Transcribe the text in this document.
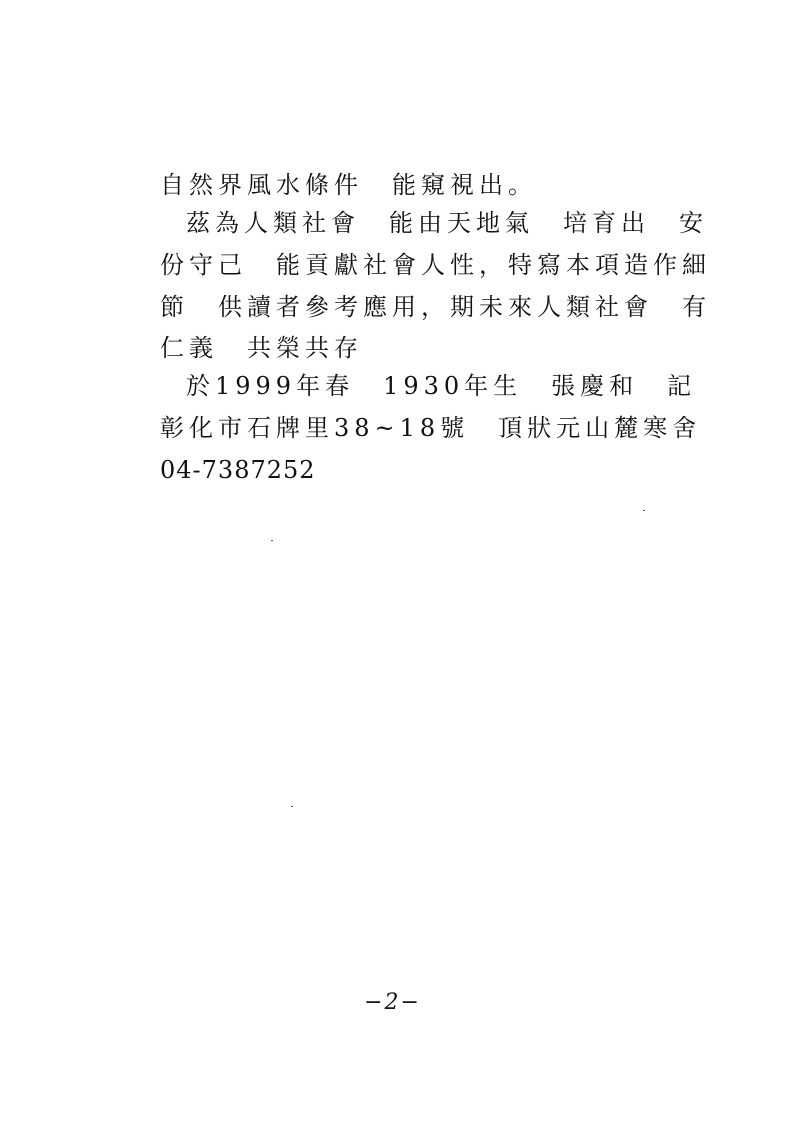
自然界風水條件　能窺視出。
茲為人類社會　能由天地氣　培育出　安
份守己　能貢獻社會人性，特寫本項造作細
節　供讀者參考應用，期未來人類社會　有
仁義　共榮共存
於1999年春　1930年生　張慶和　記
彰化市石牌里38~18號　頂狀元山麓寒舍
04-7387252
−2−
